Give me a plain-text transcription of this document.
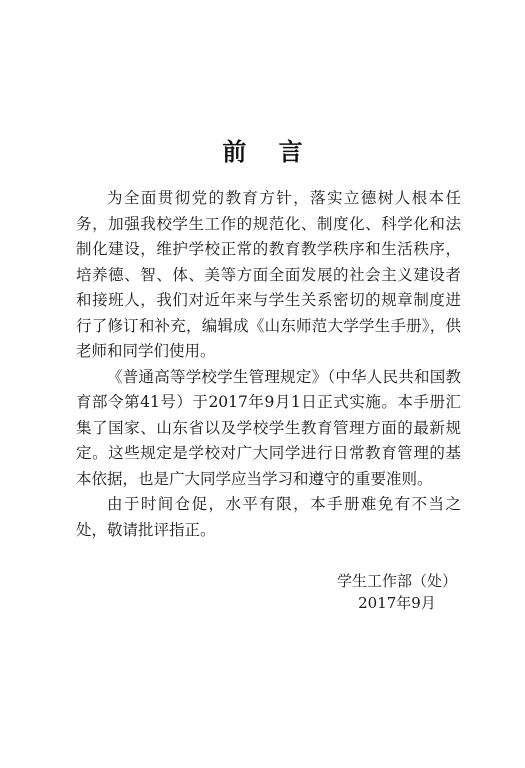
前 言

为全面贯彻党的教育方针，落实立德树人根本任务，加强我校学生工作的规范化、制度化、科学化和法制化建设，维护学校正常的教育教学秩序和生活秩序，培养德、智、体、美等方面全面发展的社会主义建设者和接班人，我们对近年来与学生关系密切的规章制度进行了修订和补充，编辑成《山东师范大学学生手册》，供老师和同学们使用。

《普通高等学校学生管理规定》（中华人民共和国教育部令第41号）于2017年9月1日正式实施。本手册汇集了国家、山东省以及学校学生教育管理方面的最新规定。这些规定是学校对广大同学进行日常教育管理的基本依据，也是广大同学应当学习和遵守的重要准则。

由于时间仓促，水平有限，本手册难免有不当之处，敬请批评指正。

学生工作部（处）
2017年9月
